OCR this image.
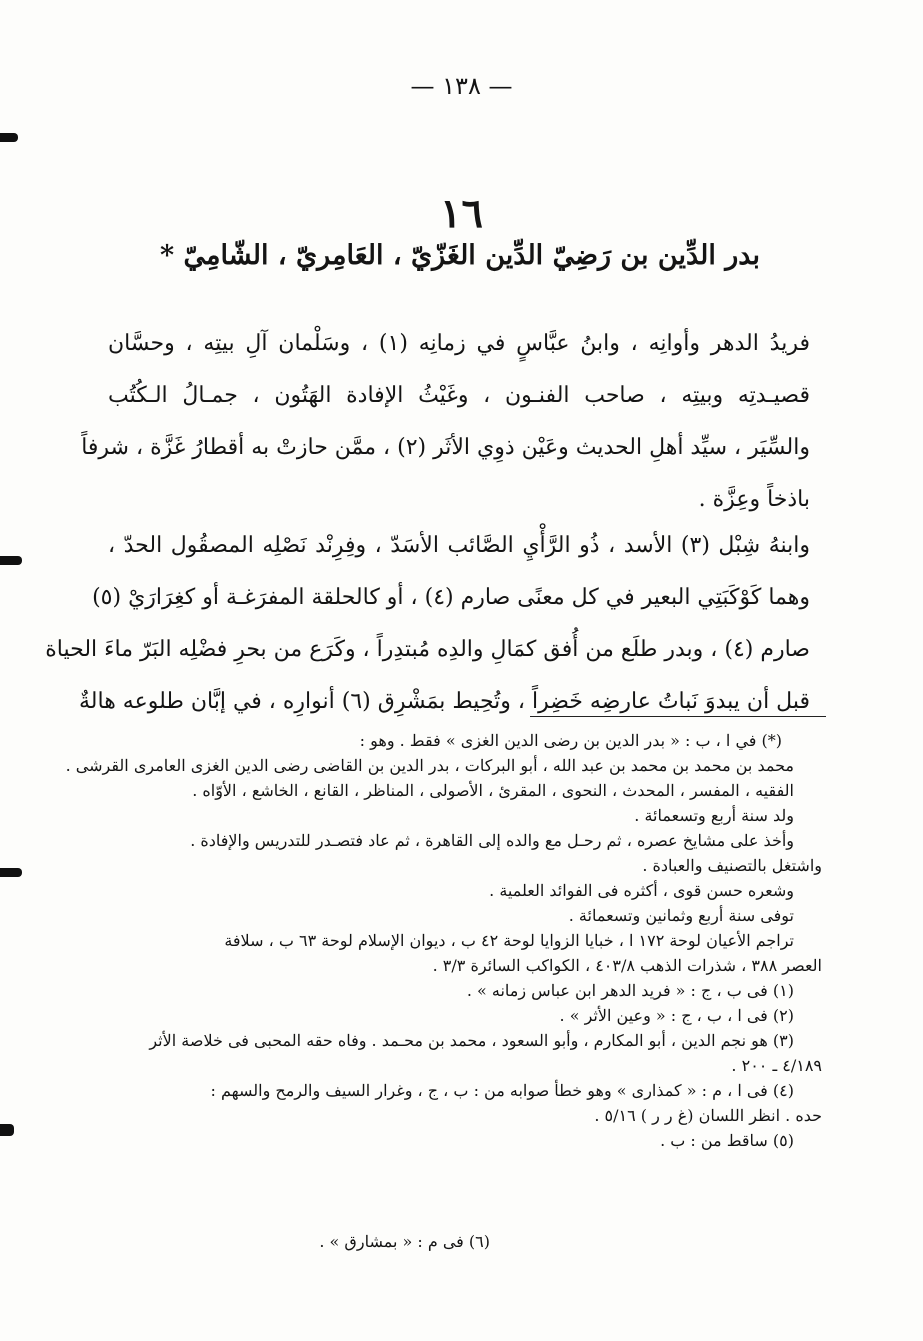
— ١٣٨ —
١٦
بدر الدِّين بن رَضِيّ الدِّين الغَزّيّ ، العَامِريّ ، الشّامِيّ *
فريدُ الدهر وأوانِه ، وابنُ عبَّاسٍ في زمانِه (١) ، وسَلْمان آلِ بيتِه ، وحسَّان
قصيـدتِه وبيتِه ، صاحب الفنـون ، وغَيْثُ الإفادة الهَتُون ، جمـالُ الـكُتُب
والسِّيَر ، سيِّد أهلِ الحديث وعَيْن ذوِي الأثَر (٢) ، ممَّن حازتْ به أقطارُ غَزَّة ، شرفاً
باذخاً وعِزَّة .
وابنهُ شِبْل (٣) الأسد ، ذُو الرَّأْيِ الصَّائب الأسَدّ ، وفِرِنْد نَصْلِه المصقُول الحدّ ،
وهما كَوْكَبَتِي البعير في كل معنًى صارم (٤) ، أو كالحلقة المفرَغـة أو كغِرَارَيْ (٥)
صارم (٤) ، وبدر طلَع من أُفق كمَالِ والدِه مُبتدِراً ، وكَرَع من بحرِ فضْلِه البَرّ ماءَ الحياة
قبل أن يبدوَ نَباتُ عارضِه خَضِراً ، وتُحِيط بمَشْرِق (٦) أنوارِه ، في إبَّان طلوعه هالةٌ
(*) في ا ، ب : « بدر الدين بن رضى الدين الغزى » فقط . وهو :
محمد بن محمد بن محمد بن عبد الله ، أبو البركات ، بدر الدين بن القاضى رضى الدين الغزى العامرى القرشى .
الفقيه ، المفسر ، المحدث ، النحوى ، المقرئ ، الأصولى ، المناظر ، القانع ، الخاشع ، الأوّاه .
ولد سنة أربع وتسعمائة .
وأخذ على مشايخ عصره ، ثم رحـل مع والده إلى القاهرة ، ثم عاد فتصـدر للتدريس والإفادة .
واشتغل بالتصنيف والعبادة .
وشعره حسن قوى ، أكثره فى الفوائد العلمية .
توفى سنة أربع وثمانين وتسعمائة .
تراجم الأعيان لوحة ١٧٢ ا ، خبايا الزوايا لوحة ٤٢ ب ، ديوان الإسلام لوحة ٦٣ ب ، سلافة
العصر ٣٨٨ ، شذرات الذهب ٤٠٣/٨ ، الكواكب السائرة ٣/٣ .
(١) فى ب ، ج : « فريد الدهر ابن عباس زمانه » .
(٢) فى ا ، ب ، ج : « وعين الأثر » .
(٣) هو نجم الدين ، أبو المكارم ، وأبو السعود ، محمد بن محـمد . وفاه حقه المحبى فى خلاصة الأثر
٤/١٨٩ ـ ٢٠٠ .
(٤) فى ا ، م : « كمذارى » وهو خطأ صوابه من : ب ، ج ، وغرار السيف والرمح والسهم :
حده . انظر اللسان (غ ر ر ) ٥/١٦ .
(٥) ساقط من : ب .
(٦) فى م : « بمشارق » .
